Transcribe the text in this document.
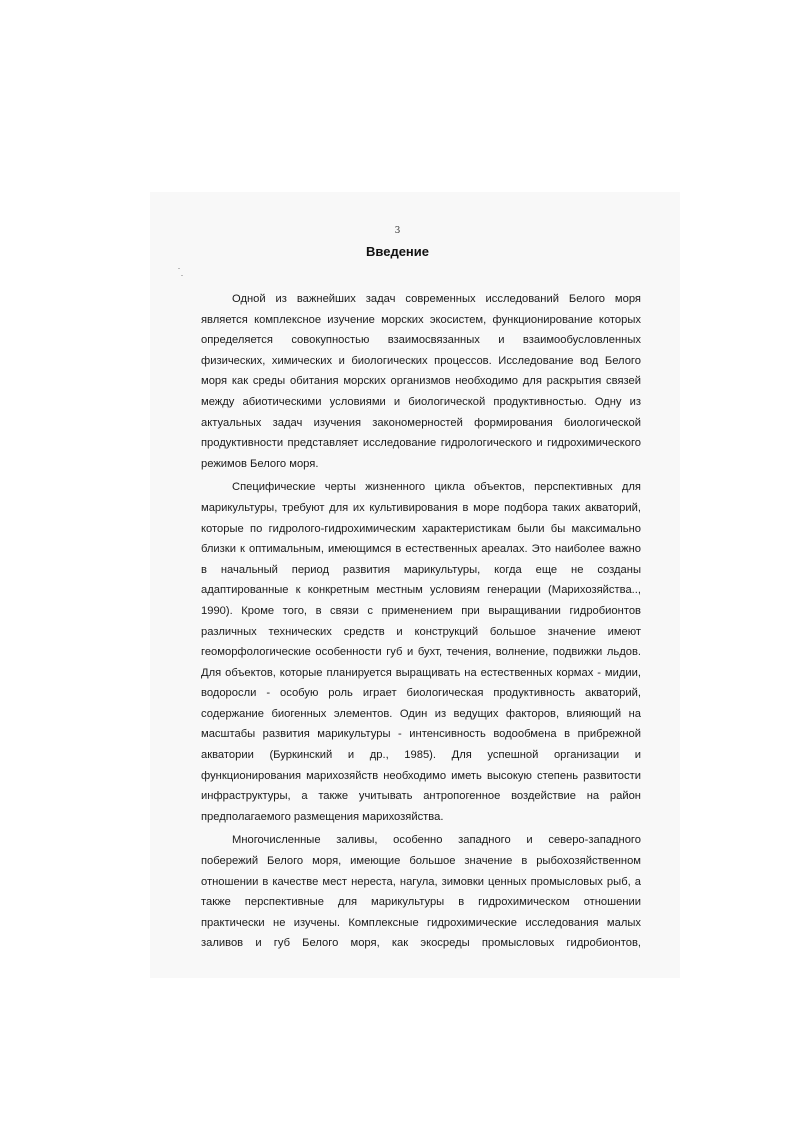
3
Введение
Одной из важнейших задач современных исследований Белого моря
является комплексное изучение морских экосистем, функционирование которых
определяется совокупностью взаимосвязанных и взаимообусловленных
физических, химических и биологических процессов. Исследование вод Белого
моря как среды обитания морских организмов необходимо для раскрытия связей
между абиотическими условиями и биологической продуктивностью. Одну из
актуальных задач изучения закономерностей формирования биологической
продуктивности представляет исследование гидрологического и гидрохимического
режимов Белого моря.
Специфические черты жизненного цикла объектов, перспективных для
марикультуры, требуют для их культивирования в море подбора таких акваторий,
которые по гидролого-гидрохимическим характеристикам были бы максимально
близки к оптимальным, имеющимся в естественных ареалах. Это наиболее важно
в начальный период развития марикультуры, когда еще не созданы
адаптированные к конкретным местным условиям генерации (Марихозяйства..,
1990). Кроме того, в связи с применением при выращивании гидробионтов
различных технических средств и конструкций большое значение имеют
геоморфологические особенности губ и бухт, течения, волнение, подвижки льдов.
Для объектов, которые планируется выращивать на естественных кормах - мидии,
водоросли - особую роль играет биологическая продуктивность акваторий,
содержание биогенных элементов. Один из ведущих факторов, влияющий на
масштабы развития марикультуры - интенсивность водообмена в прибрежной
акватории (Буркинский и др., 1985). Для успешной организации и
функционирования марихозяйств необходимо иметь высокую степень развитости
инфраструктуры, а также учитывать антропогенное воздействие на район
предполагаемого размещения марихозяйства.
Многочисленные заливы, особенно западного и северо-западного
побережий Белого моря, имеющие большое значение в рыбохозяйственном
отношении в качестве мест нереста, нагула, зимовки ценных промысловых рыб, а
также перспективные для марикультуры в гидрохимическом отношении
практически не изучены. Комплексные гидрохимические исследования малых
заливов и губ Белого моря, как экосреды промысловых гидробионтов,
